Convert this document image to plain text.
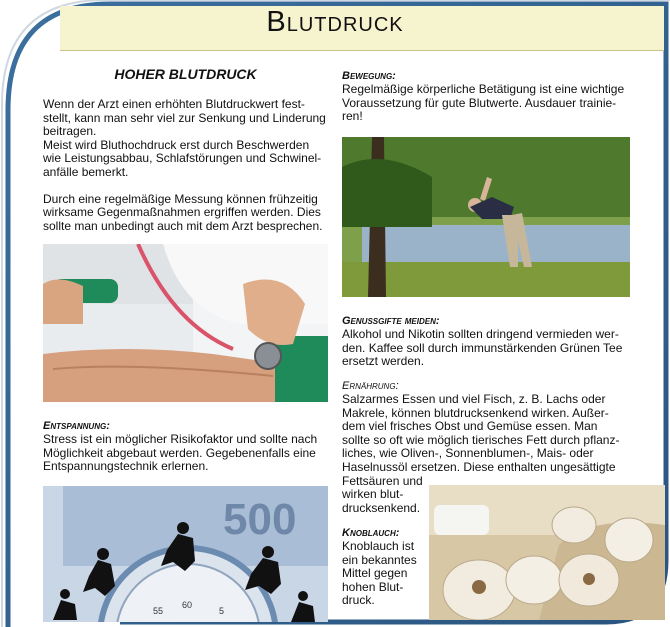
Blutdruck
HOHER BLUTDRUCK

Wenn der Arzt einen erhöhten Blutdruckwert fest-

stellt, kann man sehr viel zur Senkung und Linderung

beitragen.

Meist wird Bluthochdruck erst durch Beschwerden

wie Leistungsabbau, Schlafstörungen und Schwinel-

anfälle bemerkt.

Durch eine regelmäßige Messung können frühzeitig

wirksame Gegenmaßnahmen ergriffen werden. Dies

sollte man unbedingt auch mit dem Arzt besprechen.

Entspannung:

Stress ist ein möglicher Risikofaktor und sollte nach

Möglichkeit abgebaut werden. Gegebenenfalls eine

Entspannungstechnik erlernen.

500
55
60
5

Bewegung:

Regelmäßige körperliche Betätigung ist eine wichtige

Voraussetzung für gute Blutwerte. Ausdauer trainie-

ren!

Genussgifte meiden:

Alkohol und Nikotin sollten dringend vermieden wer-

den. Kaffee soll durch immunstärkenden Grünen Tee

ersetzt werden.

Ernährung:

Salzarmes Essen und viel Fisch, z. B. Lachs oder

Makrele, können blutdrucksenkend wirken. Außer-

dem viel frisches Obst und Gemüse essen. Man

sollte so oft wie möglich tierisches Fett durch pflanz-

liches, wie Oliven-, Sonnenblumen-, Mais- oder

Haselnussöl ersetzen. Diese enthalten ungesättigte

Fettsäuren und

wirken blut-

drucksenkend.

Knoblauch:

Knoblauch ist

ein bekanntes

Mittel gegen

hohen Blut-

druck.
